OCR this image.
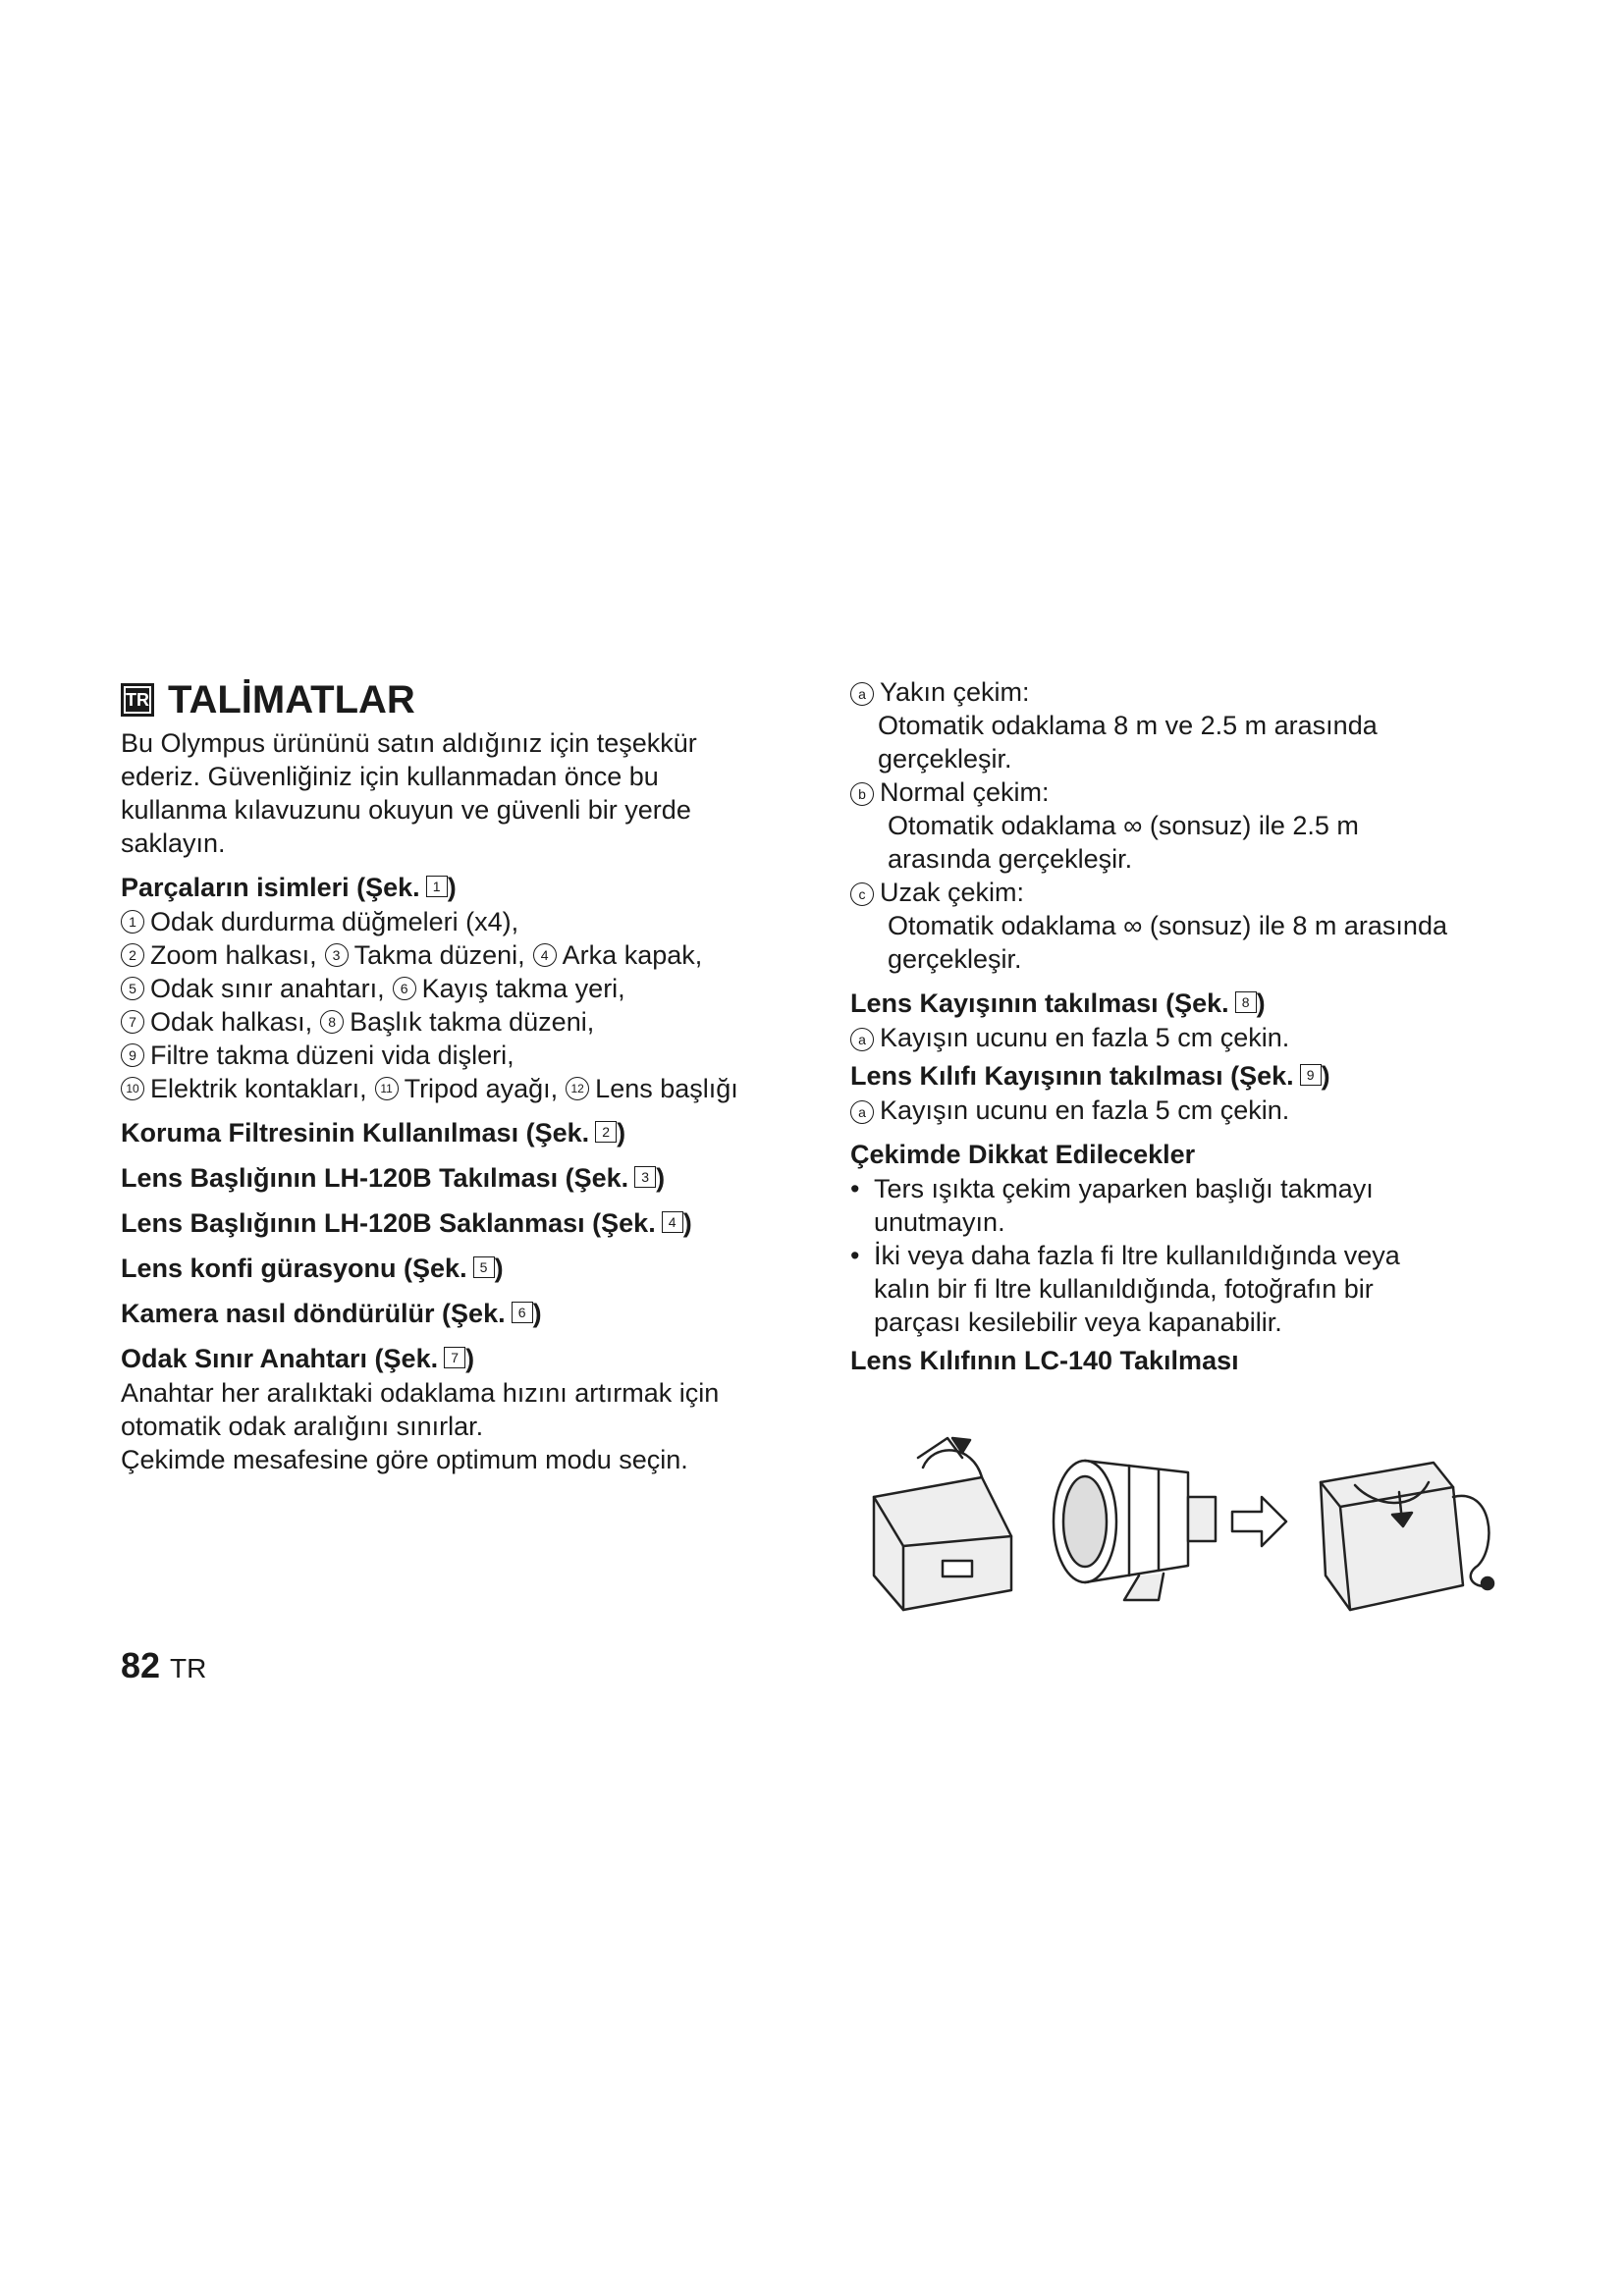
TR TALİMATLAR
Bu Olympus ürününü satın aldığınız için teşekkür
ederiz. Güvenliğiniz için kullanmadan önce bu
kullanma kılavuzunu okuyun ve güvenli bir yerde
saklayın.
Parçaların isimleri (Şek. 1 )
1 Odak durdurma düğmeleri (x4),
2 Zoom halkası, 3 Takma düzeni, 4 Arka kapak,
5 Odak sınır anahtarı, 6 Kayış takma yeri,
7 Odak halkası, 8 Başlık takma düzeni,
9 Filtre takma düzeni vida dişleri,
10 Elektrik kontakları, 11 Tripod ayağı, 12 Lens başlığı
Koruma Filtresinin Kullanılması (Şek. 2 )
Lens Başlığının LH-120B Takılması (Şek. 3 )
Lens Başlığının LH-120B Saklanması (Şek. 4 )
Lens konfi gürasyonu (Şek. 5 )
Kamera nasıl döndürülür (Şek. 6 )
Odak Sınır Anahtarı (Şek. 7 )
Anahtar her aralıktaki odaklama hızını artırmak için
otomatik odak aralığını sınırlar.
Çekimde mesafesine göre optimum modu seçin.
a Yakın çekim:
Otomatik odaklama 8 m ve 2.5 m arasında
gerçekleşir.
b Normal çekim:
Otomatik odaklama ∞ (sonsuz) ile 2.5 m
arasında gerçekleşir.
c Uzak çekim:
Otomatik odaklama ∞ (sonsuz) ile 8 m arasında
gerçekleşir.
Lens Kayışının takılması (Şek. 8 )
a Kayışın ucunu en fazla 5 cm çekin.
Lens Kılıfı Kayışının takılması (Şek. 9 )
a Kayışın ucunu en fazla 5 cm çekin.
Çekimde Dikkat Edilecekler
• Ters ışıkta çekim yaparken başlığı takmayı
unutmayın.
• İki veya daha fazla fi ltre kullanıldığında veya
kalın bir fi ltre kullanıldığında, fotoğrafın bir
parçası kesilebilir veya kapanabilir.
Lens Kılıfının LC-140 Takılması
82 TR
